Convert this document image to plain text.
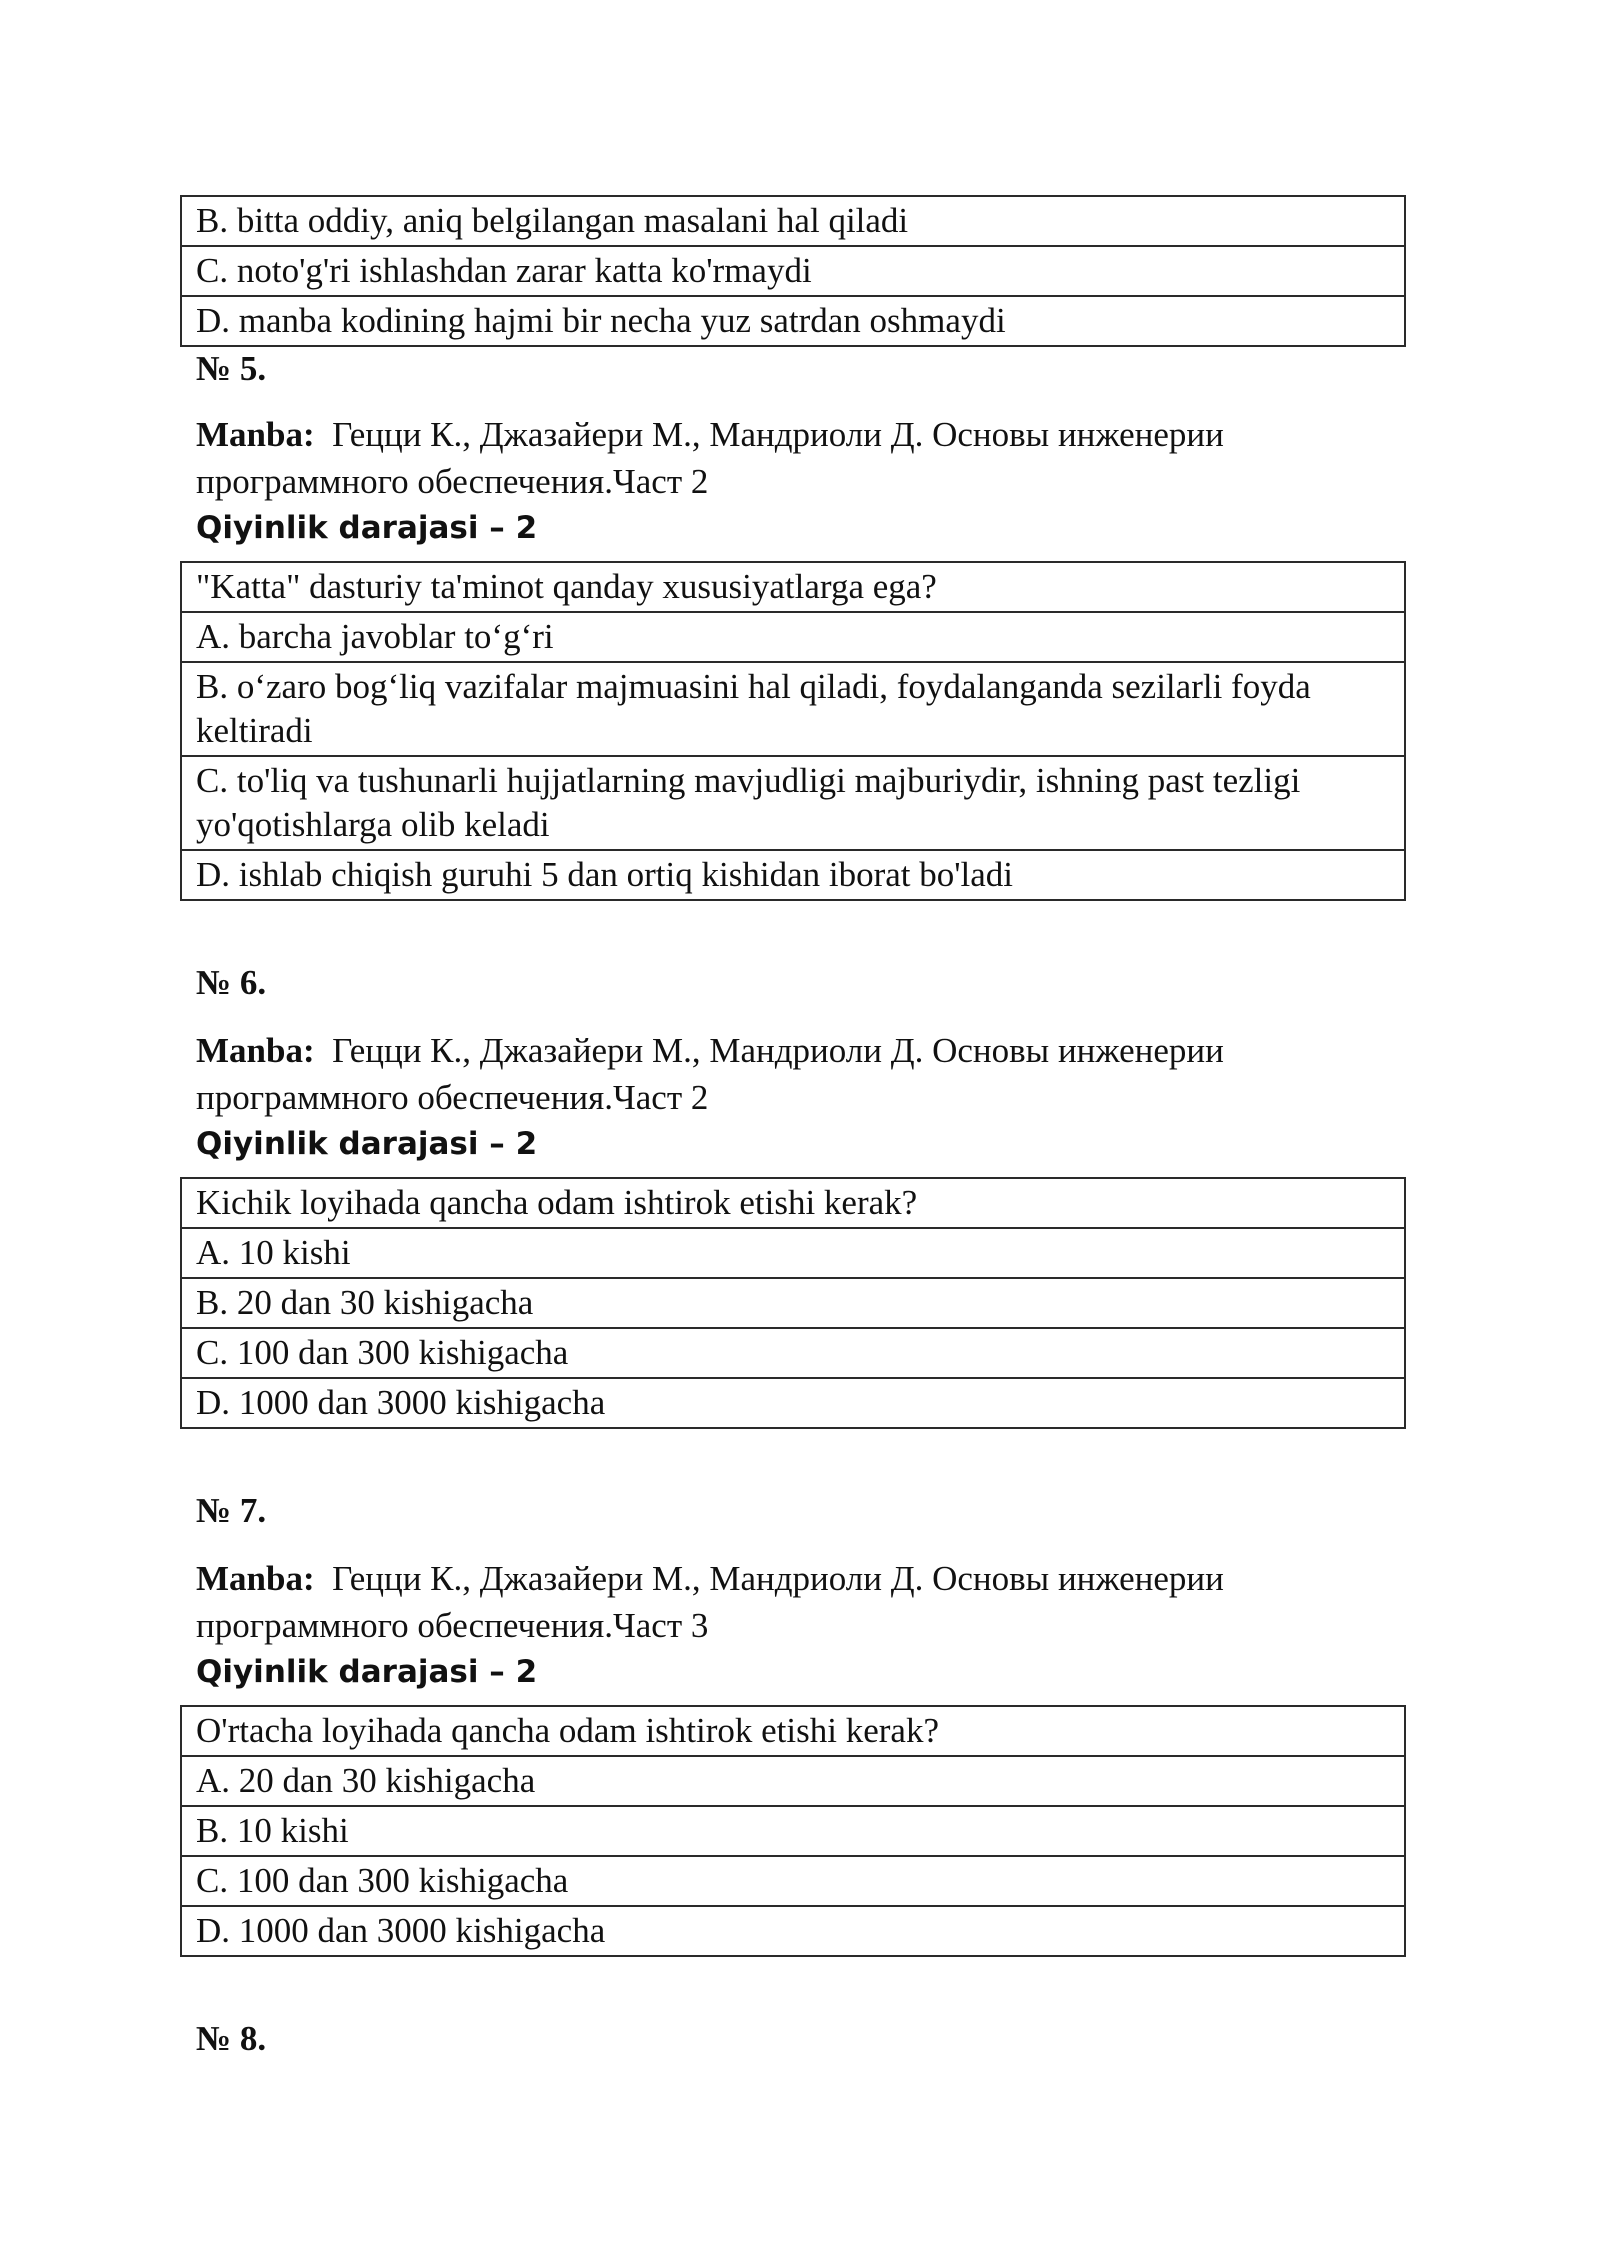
B. bitta oddiy, aniq belgilangan masalani hal qiladi
C. noto'g'ri ishlashdan zarar katta ko'rmaydi
D. manba kodining hajmi bir necha yuz satrdan oshmaydi
№ 5.
Manba: Гецци К., Джазайери М., Мандриоли Д. Основы инженерии программного обеспечения.Част 2
Qiyinlik darajasi – 2
"Katta" dasturiy ta'minot qanday xususiyatlarga ega?
A. barcha javoblar to‘g‘ri
B. o‘zaro bog‘liq vazifalar majmuasini hal qiladi, foydalanganda sezilarli foyda keltiradi
C. to'liq va tushunarli hujjatlarning mavjudligi majburiydir, ishning past tezligi yo'qotishlarga olib keladi
D. ishlab chiqish guruhi 5 dan ortiq kishidan iborat bo'ladi
№ 6.
Manba: Гецци К., Джазайери М., Мандриоли Д. Основы инженерии программного обеспечения.Част 2
Qiyinlik darajasi – 2
Kichik loyihada qancha odam ishtirok etishi kerak?
A. 10 kishi
B. 20 dan 30 kishigacha
C. 100 dan 300 kishigacha
D. 1000 dan 3000 kishigacha
№ 7.
Manba: Гецци К., Джазайери М., Мандриоли Д. Основы инженерии программного обеспечения.Част 3
Qiyinlik darajasi – 2
O'rtacha loyihada qancha odam ishtirok etishi kerak?
A. 20 dan 30 kishigacha
B. 10 kishi
C. 100 dan 300 kishigacha
D. 1000 dan 3000 kishigacha
№ 8.
